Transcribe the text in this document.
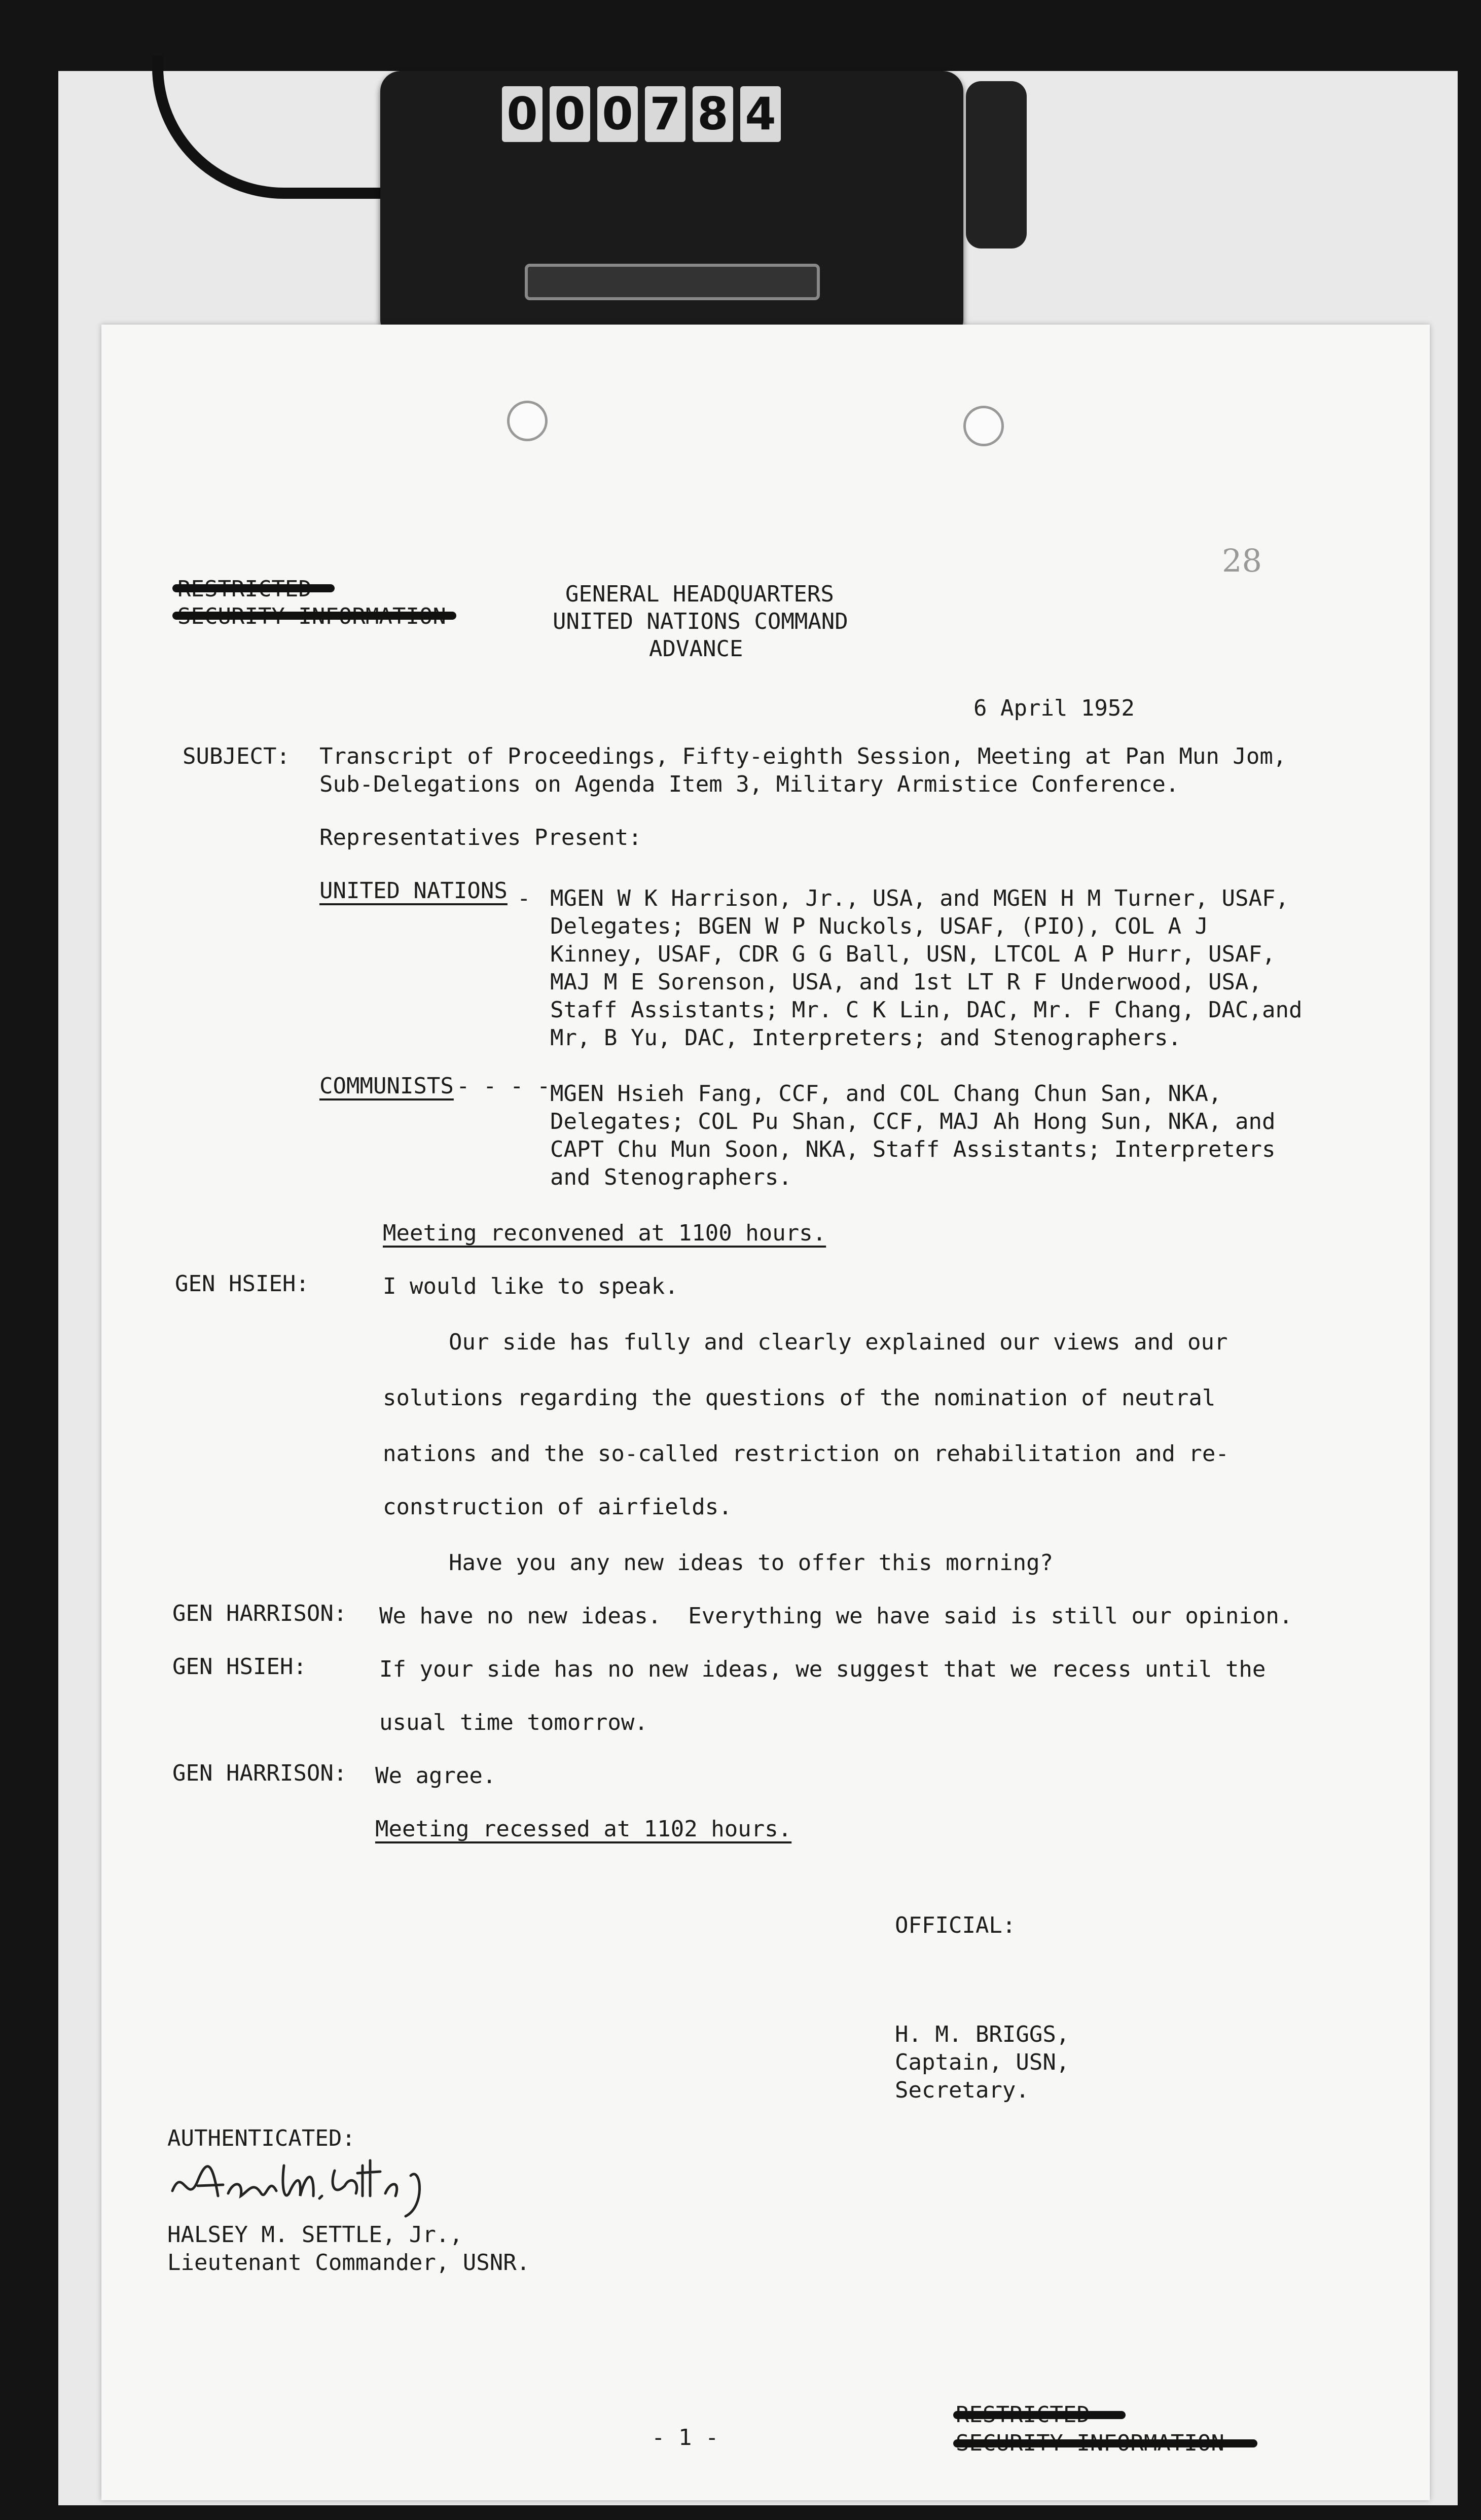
0 0 0 7 8 4
28
GENERAL HEADQUARTERS
UNITED NATIONS COMMAND
ADVANCE
6 April 1952
SUBJECT: Transcript of Proceedings, Fifty-eighth Session, Meeting at Pan Mun Jom,
Sub-Delegations on Agenda Item 3, Military Armistice Conference.
Representatives Present:
UNITED NATIONS - MGEN W K Harrison, Jr., USA, and MGEN H M Turner, USAF,
Delegates; BGEN W P Nuckols, USAF, (PIO), COL A J
Kinney, USAF, CDR G G Ball, USN, LTCOL A P Hurr, USAF,
MAJ M E Sorenson, USA, and 1st LT R F Underwood, USA,
Staff Assistants; Mr. C K Lin, DAC, Mr. F Chang, DAC,and
Mr, B Yu, DAC, Interpreters; and Stenographers.
COMMUNISTS - - - - MGEN Hsieh Fang, CCF, and COL Chang Chun San, NKA,
Delegates; COL Pu Shan, CCF, MAJ Ah Hong Sun, NKA, and
CAPT Chu Mun Soon, NKA, Staff Assistants; Interpreters
and Stenographers.
Meeting reconvened at 1100 hours.
GEN HSIEH:	I would like to speak.
Our side has fully and clearly explained our views and our
solutions regarding the questions of the nomination of neutral
nations and the so-called restriction on rehabilitation and re-
construction of airfields.
Have you any new ideas to offer this morning?
GEN HARRISON: We have no new ideas.  Everything we have said is still our opinion.
GEN HSIEH:	If your side has no new ideas, we suggest that we recess until the
usual time tomorrow.
GEN HARRISON: We agree.
Meeting recessed at 1102 hours.
OFFICIAL:
H. M. BRIGGS,
Captain, USN,
Secretary.
AUTHENTICATED:
HALSEY M. SETTLE, Jr.,
Lieutenant Commander, USNR.
- 1 -
